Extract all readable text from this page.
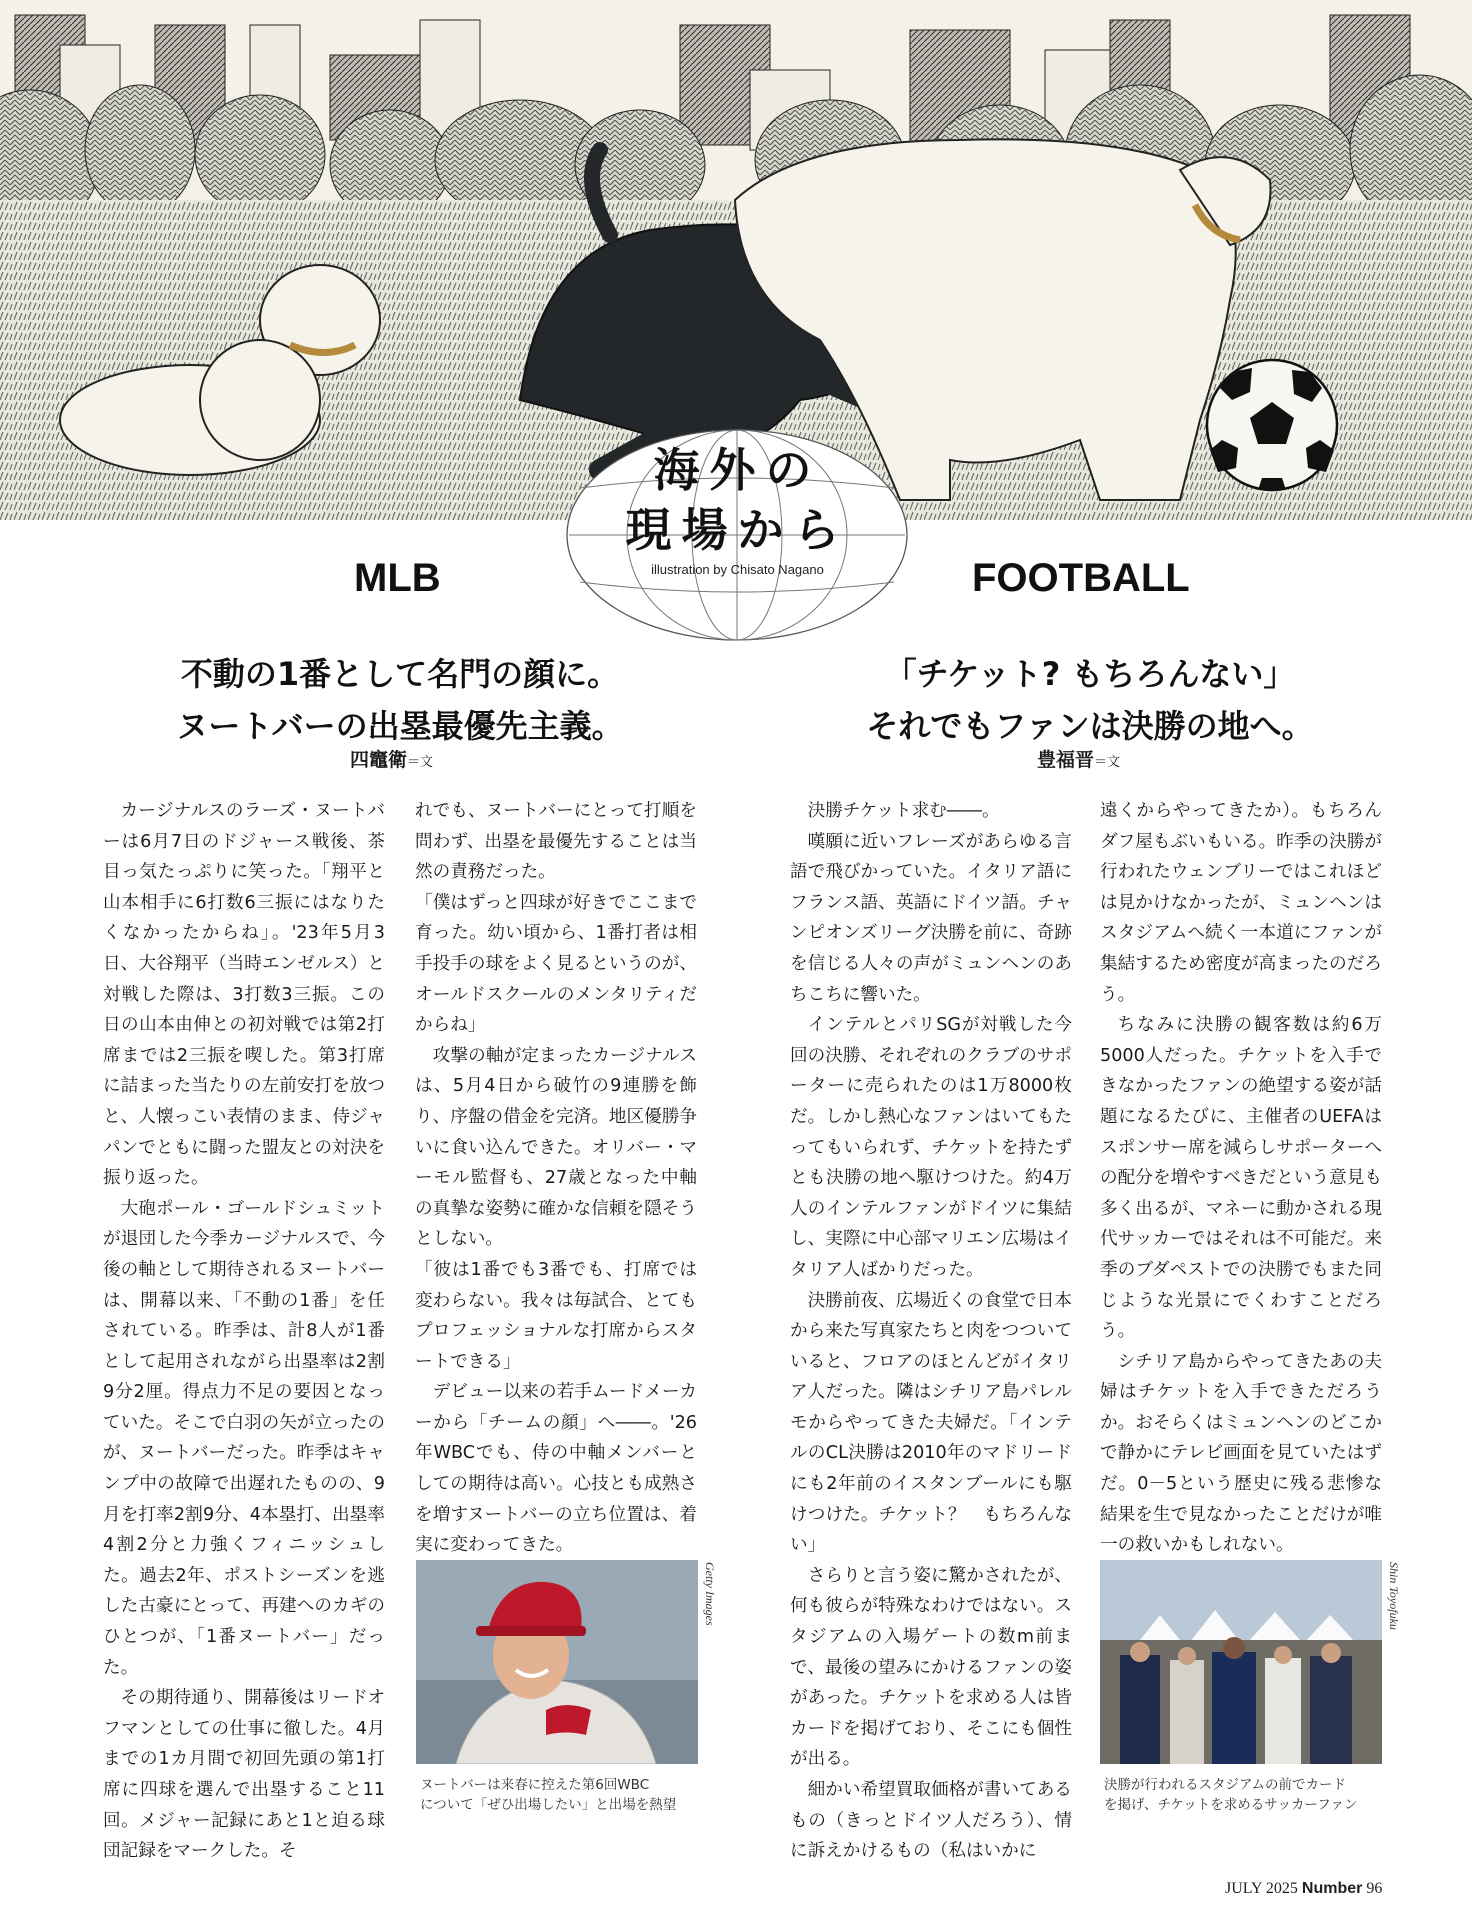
海外の
現場から
illustration by Chisato Nagano
MLB	FOOTBALL
不動の1番として名門の顔に。
ヌートバーの出塁最優先主義。
四竈衛＝文
「チケット? もちろんない」
それでもファンは決勝の地へ。
豊福晋＝文

カージナルスのラーズ・ヌートバーは6月7日のドジャース戦後、茶目っ気たっぷりに笑った。「翔平と山本相手に6打数6三振にはなりたくなかったからね」。'23年5月3日、大谷翔平（当時エンゼルス）と対戦した際は、3打数3三振。この日の山本由伸との初対戦では第2打席までは2三振を喫した。第3打席に詰まった当たりの左前安打を放つと、人懐っこい表情のまま、侍ジャパンでともに闘った盟友との対決を振り返った。

大砲ポール・ゴールドシュミットが退団した今季カージナルスで、今後の軸として期待されるヌートバーは、開幕以来、「不動の1番」を任されている。昨季は、計8人が1番として起用されながら出塁率は2割9分2厘。得点力不足の要因となっていた。そこで白羽の矢が立ったのが、ヌートバーだった。昨季はキャンプ中の故障で出遅れたものの、9月を打率2割9分、4本塁打、出塁率4割2分と力強くフィニッシュした。過去2年、ポストシーズンを逃した古豪にとって、再建へのカギのひとつが、「1番ヌートバー」だった。

その期待通り、開幕後はリードオフマンとしての仕事に徹した。4月までの1カ月間で初回先頭の第1打席に四球を選んで出塁すること11回。メジャー記録にあと1と迫る球団記録をマークした。そ

れでも、ヌートバーにとって打順を問わず、出塁を最優先することは当然の責務だった。

「僕はずっと四球が好きでここまで育った。幼い頃から、1番打者は相手投手の球をよく見るというのが、オールドスクールのメンタリティだからね」

攻撃の軸が定まったカージナルスは、5月4日から破竹の9連勝を飾り、序盤の借金を完済。地区優勝争いに食い込んできた。オリバー・マーモル監督も、27歳となった中軸の真摯な姿勢に確かな信頼を隠そうとしない。

「彼は1番でも3番でも、打席では変わらない。我々は毎試合、とてもプロフェッショナルな打席からスタートできる」

デビュー以来の若手ムードメーカーから「チームの顔」へ――。'26年WBCでも、侍の中軸メンバーとしての期待は高い。心技とも成熟さを増すヌートバーの立ち位置は、着実に変わってきた。

Getty Images
ヌートバーは来春に控えた第6回WBC
について「ぜひ出場したい」と出場を熱望

決勝チケット求む――。

嘆願に近いフレーズがあらゆる言語で飛びかっていた。イタリア語にフランス語、英語にドイツ語。チャンピオンズリーグ決勝を前に、奇跡を信じる人々の声がミュンヘンのあちこちに響いた。

インテルとパリSGが対戦した今回の決勝、それぞれのクラブのサポーターに売られたのは1万8000枚だ。しかし熱心なファンはいてもたってもいられず、チケットを持たずとも決勝の地へ駆けつけた。約4万人のインテルファンがドイツに集結し、実際に中心部マリエン広場はイタリア人ばかりだった。

決勝前夜、広場近くの食堂で日本から来た写真家たちと肉をつついていると、フロアのほとんどがイタリア人だった。隣はシチリア島パレルモからやってきた夫婦だ。「インテルのCL決勝は2010年のマドリードにも2年前のイスタンブールにも駆けつけた。チケット？　もちろんない」

さらりと言う姿に驚かされたが、何も彼らが特殊なわけではない。スタジアムの入場ゲートの数m前まで、最後の望みにかけるファンの姿があった。チケットを求める人は皆カードを掲げており、そこにも個性が出る。

細かい希望買取価格が書いてあるもの（きっとドイツ人だろう）、情に訴えかけるもの（私はいかに

遠くからやってきたか）。もちろんダフ屋もぶいもいる。昨季の決勝が行われたウェンブリーではこれほどは見かけなかったが、ミュンヘンはスタジアムへ続く一本道にファンが集結するため密度が高まったのだろう。

ちなみに決勝の観客数は約6万5000人だった。チケットを入手できなかったファンの絶望する姿が話題になるたびに、主催者のUEFAはスポンサー席を減らしサポーターへの配分を増やすべきだという意見も多く出るが、マネーに動かされる現代サッカーではそれは不可能だ。来季のブダペストでの決勝でもまた同じような光景にでくわすことだろう。

シチリア島からやってきたあの夫婦はチケットを入手できただろうか。おそらくはミュンヘンのどこかで静かにテレビ画面を見ていたはずだ。0－5という歴史に残る悲惨な結果を生で見なかったことだけが唯一の救いかもしれない。

Shin Toyofuku
決勝が行われるスタジアムの前でカード
を掲げ、チケットを求めるサッカーファン
JULY 2025 Number 96
